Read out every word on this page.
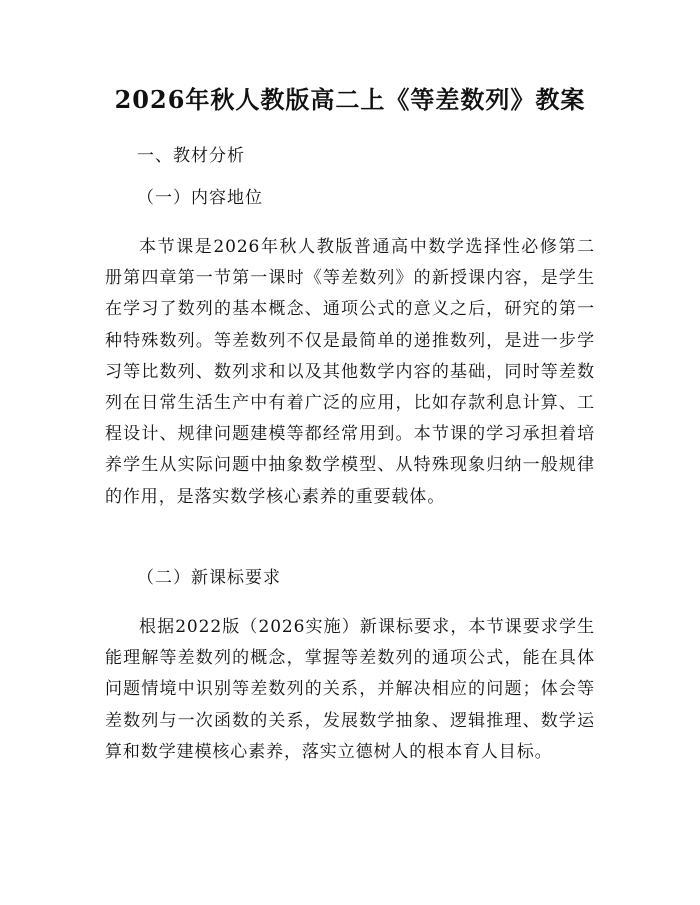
2026年秋人教版高二上《等差数列》教案

一、教材分析

（一）内容地位

本节课是2026年秋人教版普通高中数学选择性必修第二册第四章第一节第一课时《等差数列》的新授课内容，是学生在学习了数列的基本概念、通项公式的意义之后，研究的第一种特殊数列。等差数列不仅是最简单的递推数列，是进一步学习等比数列、数列求和以及其他数学内容的基础，同时等差数列在日常生活生产中有着广泛的应用，比如存款利息计算、工程设计、规律问题建模等都经常用到。本节课的学习承担着培养学生从实际问题中抽象数学模型、从特殊现象归纳一般规律的作用，是落实数学核心素养的重要载体。

（二）新课标要求

根据2022版（2026实施）新课标要求，本节课要求学生能理解等差数列的概念，掌握等差数列的通项公式，能在具体问题情境中识别等差数列的关系，并解决相应的问题；体会等差数列与一次函数的关系，发展数学抽象、逻辑推理、数学运算和数学建模核心素养，落实立德树人的根本育人目标。
